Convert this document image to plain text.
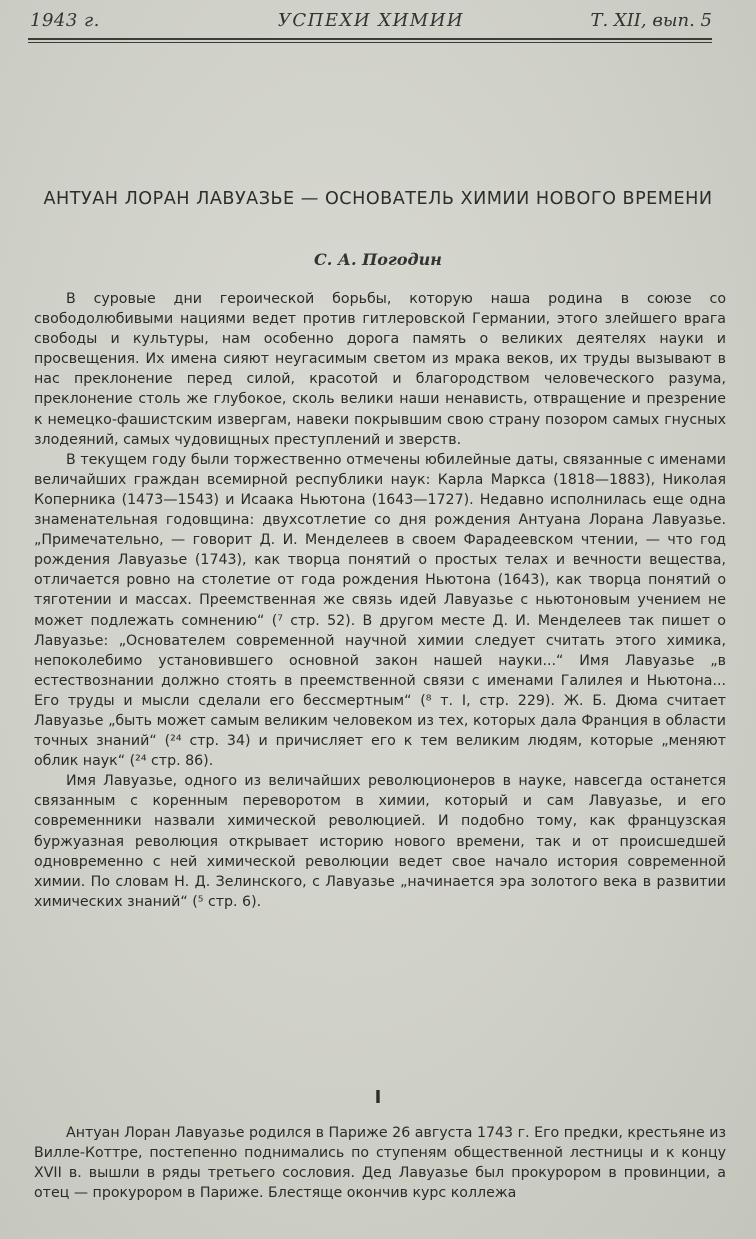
1943 г.	УСПЕХИ ХИМИИ	Т. XII, вып. 5
АНТУАН ЛОРАН ЛАВУАЗЬЕ — ОСНОВАТЕЛЬ ХИМИИ НОВОГО ВРЕМЕНИ
С. А. Погодин

В суровые дни героической борьбы, которую наша родина в союзе со свободолюбивыми нациями ведет против гитлеровской Германии, этого злейшего врага свободы и культуры, нам особенно дорога память о великих деятелях науки и просвещения. Их имена сияют неугасимым светом из мрака веков, их труды вызывают в нас преклонение перед силой, красотой и благородством человеческого разума, преклонение столь же глубокое, сколь велики наши ненависть, отвращение и презрение к немецко-фашистским извергам, навеки покрывшим свою страну позором самых гнусных злодеяний, самых чудовищных преступлений и зверств.

В текущем году были торжественно отмечены юбилейные даты, связанные с именами величайших граждан всемирной республики наук: Карла Маркса (1818—1883), Николая Коперника (1473—1543) и Исаака Ньютона (1643—1727). Недавно исполнилась еще одна знаменательная годовщина: двухсотлетие со дня рождения Антуана Лорана Лавуазье. „Примечательно, — говорит Д. И. Менделеев в своем Фарадеевском чтении, — что год рождения Лавуазье (1743), как творца понятий о простых телах и вечности вещества, отличается ровно на столетие от года рождения Ньютона (1643), как творца понятий о тяготении и массах. Преемственная же связь идей Лавуазье с ньютоновым учением не может подлежать сомнению“ (⁷ стр. 52). В другом месте Д. И. Менделеев так пишет о Лавуазье: „Основателем современной научной химии следует считать этого химика, непоколебимо установившего основной закон нашей науки...“ Имя Лавуазье „в естествознании должно стоять в преемственной связи с именами Галилея и Ньютона... Его труды и мысли сделали его бессмертным“ (⁸ т. I, стр. 229). Ж. Б. Дюма считает Лавуазье „быть может самым великим человеком из тех, которых дала Франция в области точных знаний“ (²⁴ стр. 34) и причисляет его к тем великим людям, которые „меняют облик наук“ (²⁴ стр. 86).

Имя Лавуазье, одного из величайших революционеров в науке, навсегда останется связанным с коренным переворотом в химии, который и сам Лавуазье, и его современники назвали химической революцией. И подобно тому, как французская буржуазная революция открывает историю нового времени, так и от происшедшей одновременно с ней химической революции ведет свое начало история современной химии. По словам Н. Д. Зелинского, с Лавуазье „начинается эра золотого века в развитии химических знаний“ (⁵ стр. 6).

I

Антуан Лоран Лавуазье родился в Париже 26 августа 1743 г. Его предки, крестьяне из Вилле-Коттре, постепенно поднимались по ступеням общественной лестницы и к концу XVII в. вышли в ряды третьего сословия. Дед Лавуазье был прокурором в провинции, а отец — прокурором в Париже. Блестяще окончив курс коллежа
